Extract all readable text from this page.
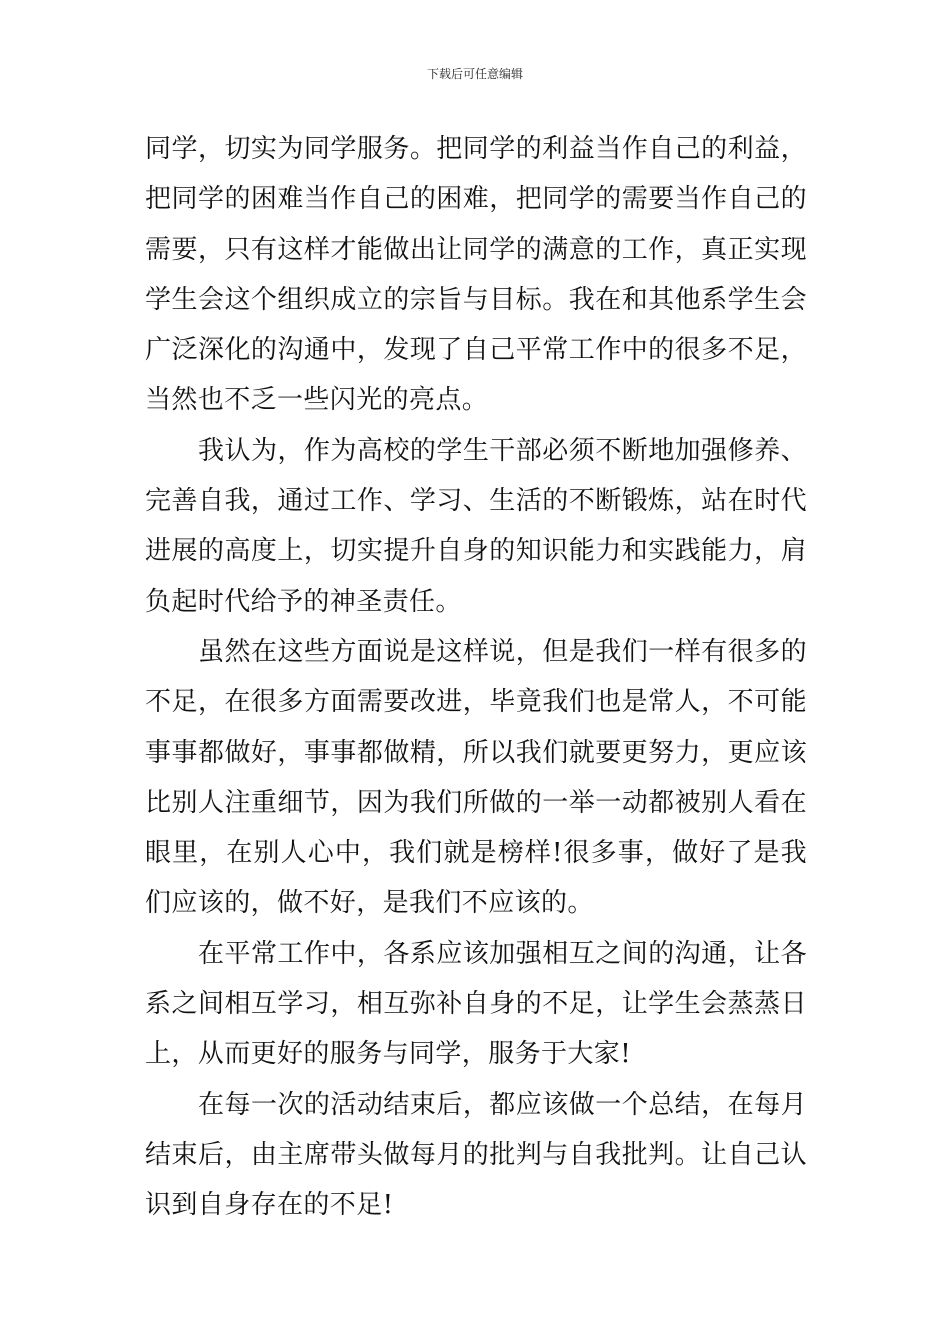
下载后可任意编辑

同学，切实为同学服务。把同学的利益当作自己的利益，把同学的困难当作自己的困难，把同学的需要当作自己的需要，只有这样才能做出让同学的满意的工作，真正实现学生会这个组织成立的宗旨与目标。我在和其他系学生会广泛深化的沟通中，发现了自己平常工作中的很多不足，当然也不乏一些闪光的亮点。

我认为，作为高校的学生干部必须不断地加强修养、完善自我，通过工作、学习、生活的不断锻炼，站在时代进展的高度上，切实提升自身的知识能力和实践能力，肩负起时代给予的神圣责任。

虽然在这些方面说是这样说，但是我们一样有很多的不足，在很多方面需要改进，毕竟我们也是常人，不可能事事都做好，事事都做精，所以我们就要更努力，更应该比别人注重细节，因为我们所做的一举一动都被别人看在眼里，在别人心中，我们就是榜样!很多事，做好了是我们应该的，做不好，是我们不应该的。

在平常工作中，各系应该加强相互之间的沟通，让各系之间相互学习，相互弥补自身的不足，让学生会蒸蒸日上，从而更好的服务与同学，服务于大家!

在每一次的活动结束后，都应该做一个总结，在每月结束后，由主席带头做每月的批判与自我批判。让自己认识到自身存在的不足!
